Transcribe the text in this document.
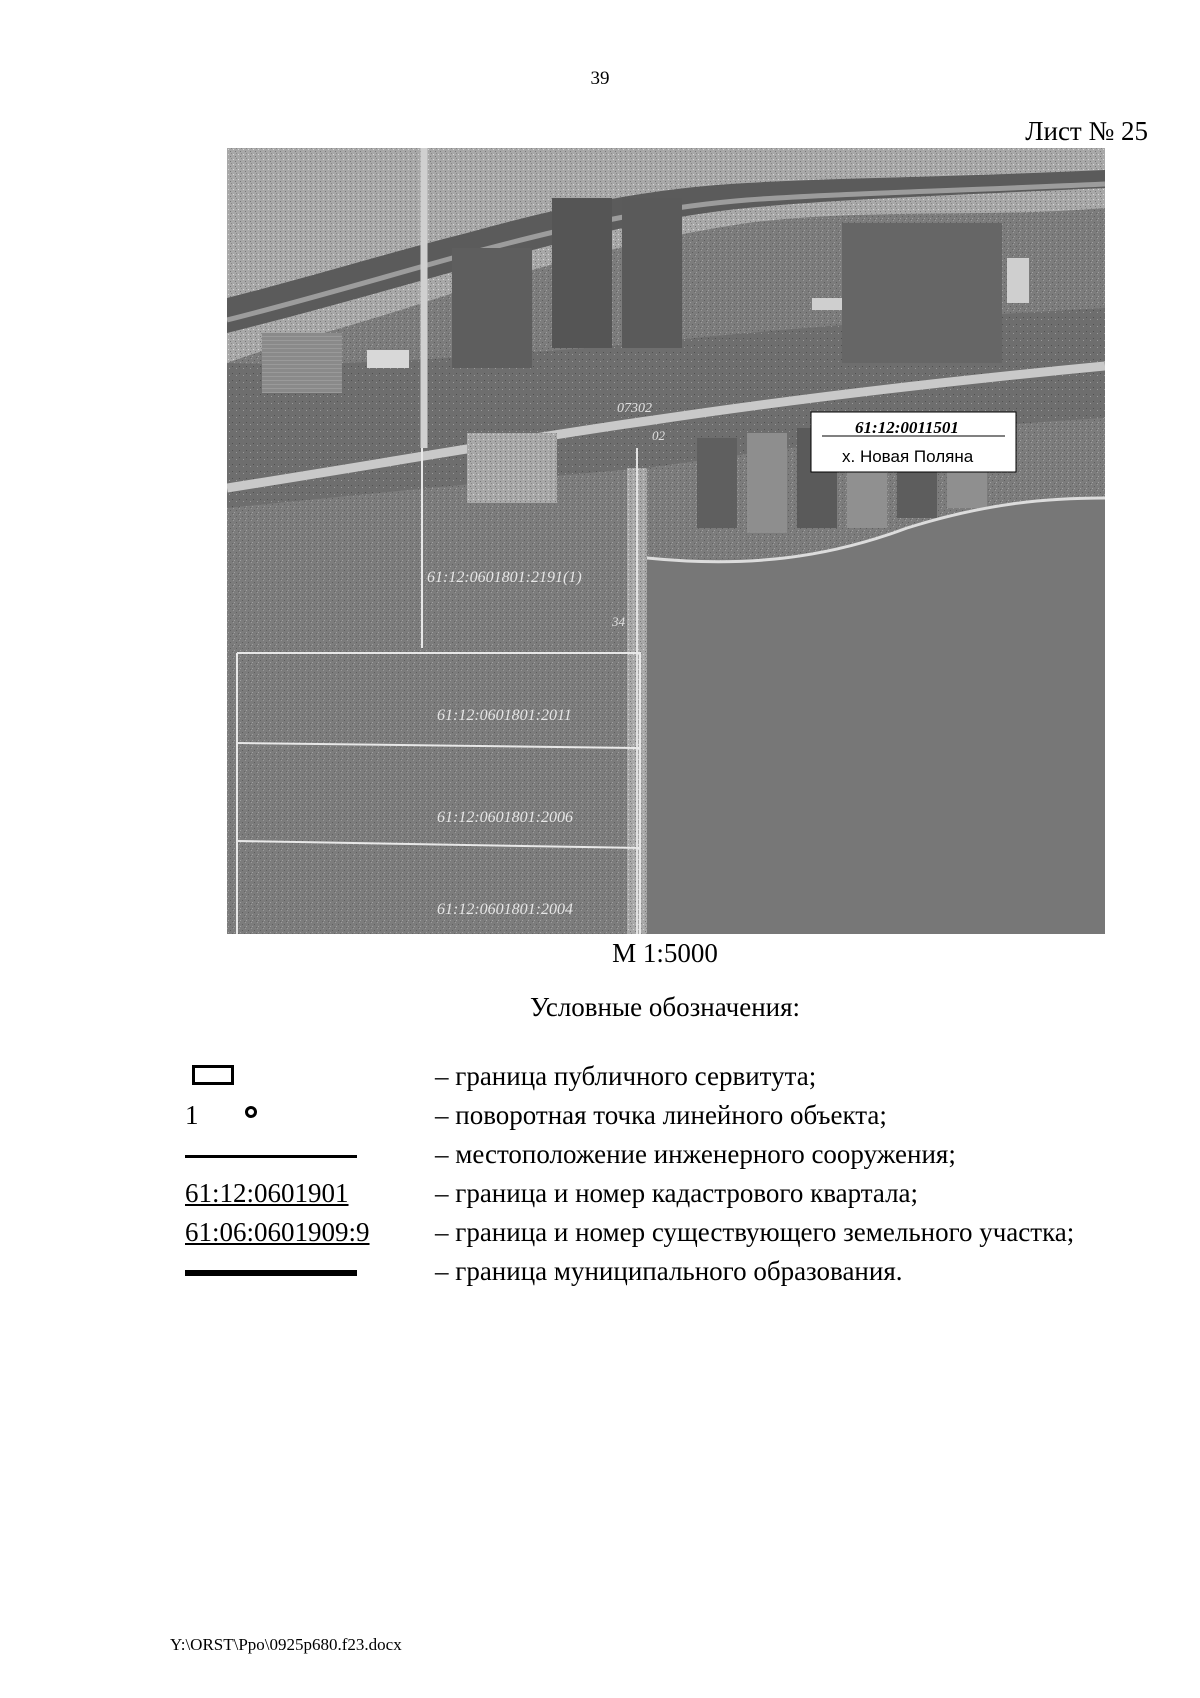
39
Лист № 25
61:12:0011501
х. Новая Поляна
07302
02
61:12:0601801:2191(1)
34
61:12:0601801:2011
61:12:0601801:2006
61:12:0601801:2004
М 1:5000
Условные обозначения:
– граница публичного сервитута;
1	– поворотная точка линейного объекта;
– местоположение инженерного сооружения;
61:12:0601901	– граница и номер кадастрового квартала;
61:06:0601909:9 – граница и номер существующего земельного участка;
– граница муниципального образования.
Y:\ORST\Ppo\0925p680.f23.docx
